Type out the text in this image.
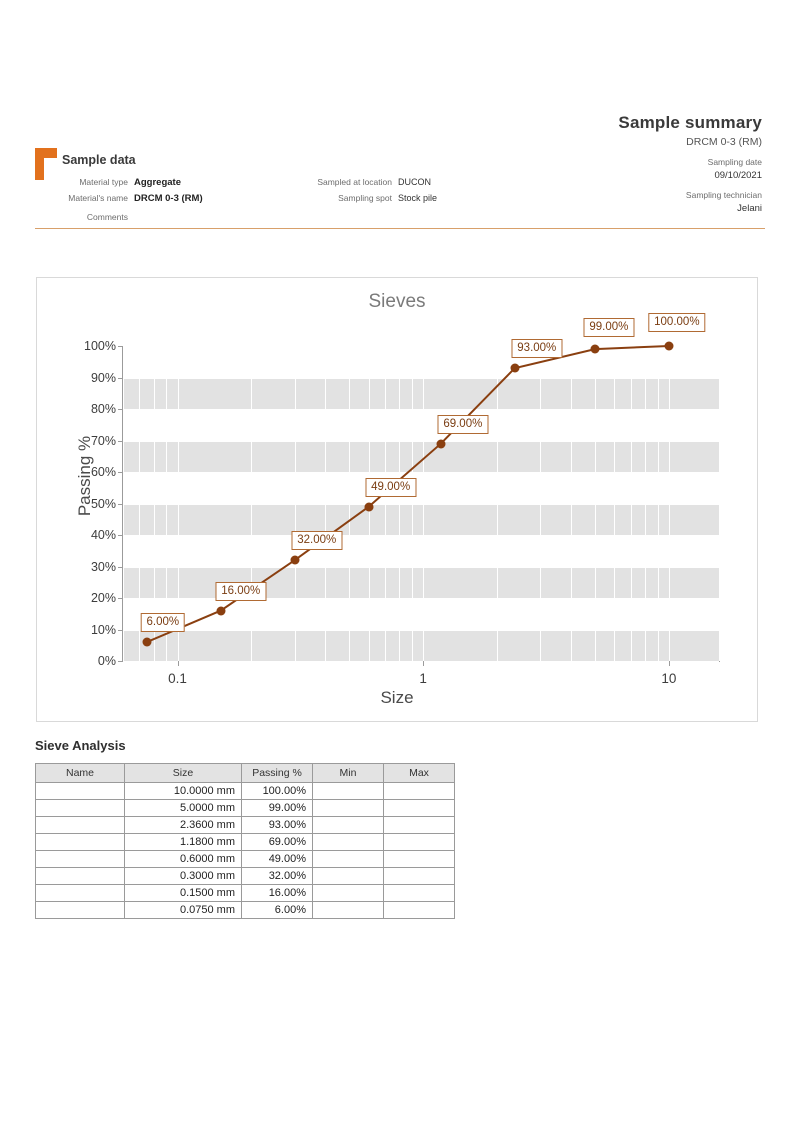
Sample summary
DRCM 0-3 (RM)
Sampling date
09/10/2021
Sampling technician
Jelani
Sample data
Material type Aggregate
Material's name DRCM 0-3 (RM)
Comments
Sampled at location DUCON
Sampling spot Stock pile
Sieves
Passing %
Size
0%
10%
20%
30%
40%
50%
60%
70%
80%
90%
100%
0.1	1	10
6.00%
16.00%
32.00%
49.00%
69.00%
93.00%
99.00%	100.00%
Sieve Analysis
Name	Size	Passing %	Min	Max
	10.0000 mm	100.00%		
	5.0000 mm	99.00%		
	2.3600 mm	93.00%		
	1.1800 mm	69.00%		
	0.6000 mm	49.00%		
	0.3000 mm	32.00%		
	0.1500 mm	16.00%		
	0.0750 mm	6.00%		
